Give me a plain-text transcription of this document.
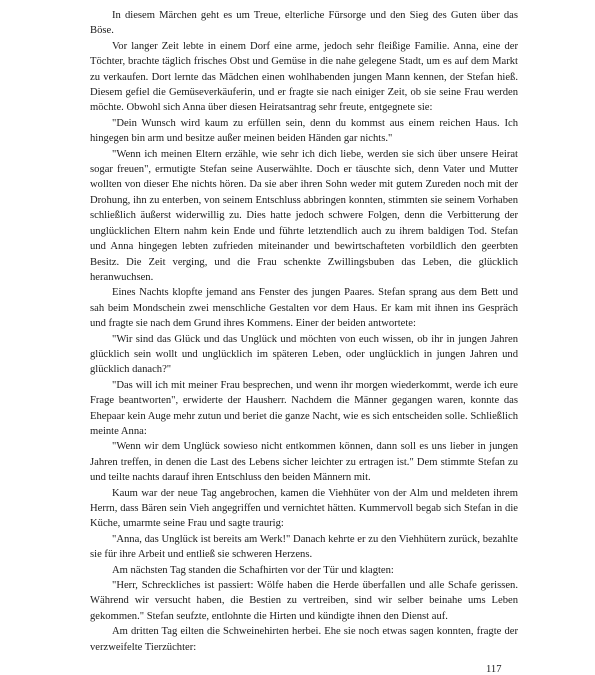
In diesem Märchen geht es um Treue, elterliche Fürsorge und den Sieg des Guten über das Böse.

Vor langer Zeit lebte in einem Dorf eine arme, jedoch sehr fleißige Familie. Anna, eine der Töchter, brachte täglich frisches Obst und Gemüse in die nahe gelegene Stadt, um es auf dem Markt zu verkaufen. Dort lernte das Mädchen einen wohlhabenden jungen Mann kennen, der Stefan hieß. Diesem gefiel die Gemüseverkäuferin, und er fragte sie nach einiger Zeit, ob sie seine Frau werden möchte. Obwohl sich Anna über diesen Heiratsantrag sehr freute, entgegnete sie:

"Dein Wunsch wird kaum zu erfüllen sein, denn du kommst aus einem reichen Haus. Ich hingegen bin arm und besitze außer meinen beiden Händen gar nichts."

"Wenn ich meinen Eltern erzähle, wie sehr ich dich liebe, werden sie sich über unsere Heirat sogar freuen", ermutigte Stefan seine Auserwählte. Doch er täuschte sich, denn Vater und Mutter wollten von dieser Ehe nichts hören. Da sie aber ihren Sohn weder mit gutem Zureden noch mit der Drohung, ihn zu enterben, von seinem Entschluss abbringen konnten, stimmten sie seinem Vorhaben schließlich äußerst widerwillig zu. Dies hatte jedoch schwere Folgen, denn die Verbitterung der unglücklichen Eltern nahm kein Ende und führte letztendlich auch zu ihrem baldigen Tod. Stefan und Anna hingegen lebten zufrieden miteinander und bewirtschafteten vorbildlich den geerbten Besitz. Die Zeit verging, und die Frau schenkte Zwillingsbuben das Leben, die glücklich heranwuchsen.

Eines Nachts klopfte jemand ans Fenster des jungen Paares. Stefan sprang aus dem Bett und sah beim Mondschein zwei menschliche Gestalten vor dem Haus. Er kam mit ihnen ins Gespräch und fragte sie nach dem Grund ihres Kommens. Einer der beiden antwortete:

"Wir sind das Glück und das Unglück und möchten von euch wissen, ob ihr in jungen Jahren glücklich sein wollt und unglücklich im späteren Leben, oder unglücklich in jungen Jahren und glücklich danach?"

"Das will ich mit meiner Frau besprechen, und wenn ihr morgen wiederkommt, werde ich eure Frage beantworten", erwiderte der Hausherr. Nachdem die Männer gegangen waren, konnte das Ehepaar kein Auge mehr zutun und beriet die ganze Nacht, wie es sich entscheiden solle. Schließlich meinte Anna:

"Wenn wir dem Unglück sowieso nicht entkommen können, dann soll es uns lieber in jungen Jahren treffen, in denen die Last des Lebens sicher leichter zu ertragen ist." Dem stimmte Stefan zu und teilte nachts darauf ihren Entschluss den beiden Männern mit.

Kaum war der neue Tag angebrochen, kamen die Viehhüter von der Alm und meldeten ihrem Herrn, dass Bären sein Vieh angegriffen und vernichtet hätten. Kummervoll begab sich Stefan in die Küche, umarmte seine Frau und sagte traurig:

"Anna, das Unglück ist bereits am Werk!" Danach kehrte er zu den Viehhütern zurück, bezahlte sie für ihre Arbeit und entließ sie schweren Herzens.

Am nächsten Tag standen die Schafhirten vor der Tür und klagten:

"Herr, Schreckliches ist passiert: Wölfe haben die Herde überfallen und alle Schafe gerissen. Während wir versucht haben, die Bestien zu vertreiben, sind wir selber beinahe ums Leben gekommen." Stefan seufzte, entlohnte die Hirten und kündigte ihnen den Dienst auf.

Am dritten Tag eilten die Schweinehirten herbei. Ehe sie noch etwas sagen konnten, fragte der verzweifelte Tierzüchter:

117
